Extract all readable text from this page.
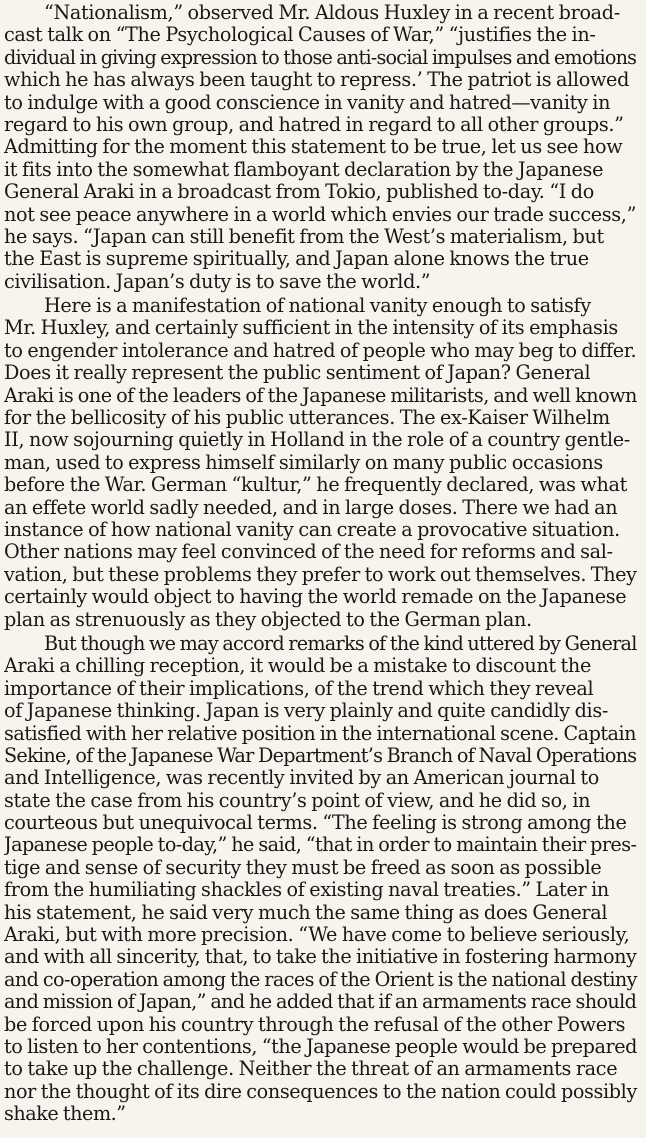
“Nationalism,” observed Mr. Aldous Huxley in a recent broad-
cast talk on “The Psychological Causes of War,” “justifies the in-
dividual in giving expression to those anti-social impulses and emotions
which he has always been taught to repress.’ The patriot is allowed
to indulge with a good conscience in vanity and hatred—vanity in
regard to his own group, and hatred in regard to all other groups.”
Admitting for the moment this statement to be true, let us see how
it fits into the somewhat flamboyant declaration by the Japanese
General Araki in a broadcast from Tokio, published to-day. “I do
not see peace anywhere in a world which envies our trade success,”
he says. “Japan can still benefit from the West’s materialism, but
the East is supreme spiritually, and Japan alone knows the true
civilisation. Japan’s duty is to save the world.”
Here is a manifestation of national vanity enough to satisfy
Mr. Huxley, and certainly sufficient in the intensity of its emphasis
to engender intolerance and hatred of people who may beg to differ.
Does it really represent the public sentiment of Japan? General
Araki is one of the leaders of the Japanese militarists, and well known
for the bellicosity of his public utterances. The ex-Kaiser Wilhelm
II, now sojourning quietly in Holland in the role of a country gentle-
man, used to express himself similarly on many public occasions
before the War. German “kultur,” he frequently declared, was what
an effete world sadly needed, and in large doses. There we had an
instance of how national vanity can create a provocative situation.
Other nations may feel convinced of the need for reforms and sal-
vation, but these problems they prefer to work out themselves. They
certainly would object to having the world remade on the Japanese
plan as strenuously as they objected to the German plan.
But though we may accord remarks of the kind uttered by General
Araki a chilling reception, it would be a mistake to discount the
importance of their implications, of the trend which they reveal
of Japanese thinking. Japan is very plainly and quite candidly dis-
satisfied with her relative position in the international scene. Captain
Sekine, of the Japanese War Department’s Branch of Naval Operations
and Intelligence, was recently invited by an American journal to
state the case from his country’s point of view, and he did so, in
courteous but unequivocal terms. “The feeling is strong among the
Japanese people to-day,” he said, “that in order to maintain their pres-
tige and sense of security they must be freed as soon as possible
from the humiliating shackles of existing naval treaties.” Later in
his statement, he said very much the same thing as does General
Araki, but with more precision. “We have come to believe seriously,
and with all sincerity, that, to take the initiative in fostering harmony
and co-operation among the races of the Orient is the national destiny
and mission of Japan,” and he added that if an armaments race should
be forced upon his country through the refusal of the other Powers
to listen to her contentions, “the Japanese people would be prepared
to take up the challenge. Neither the threat of an armaments race
nor the thought of its dire consequences to the nation could possibly
shake them.”
